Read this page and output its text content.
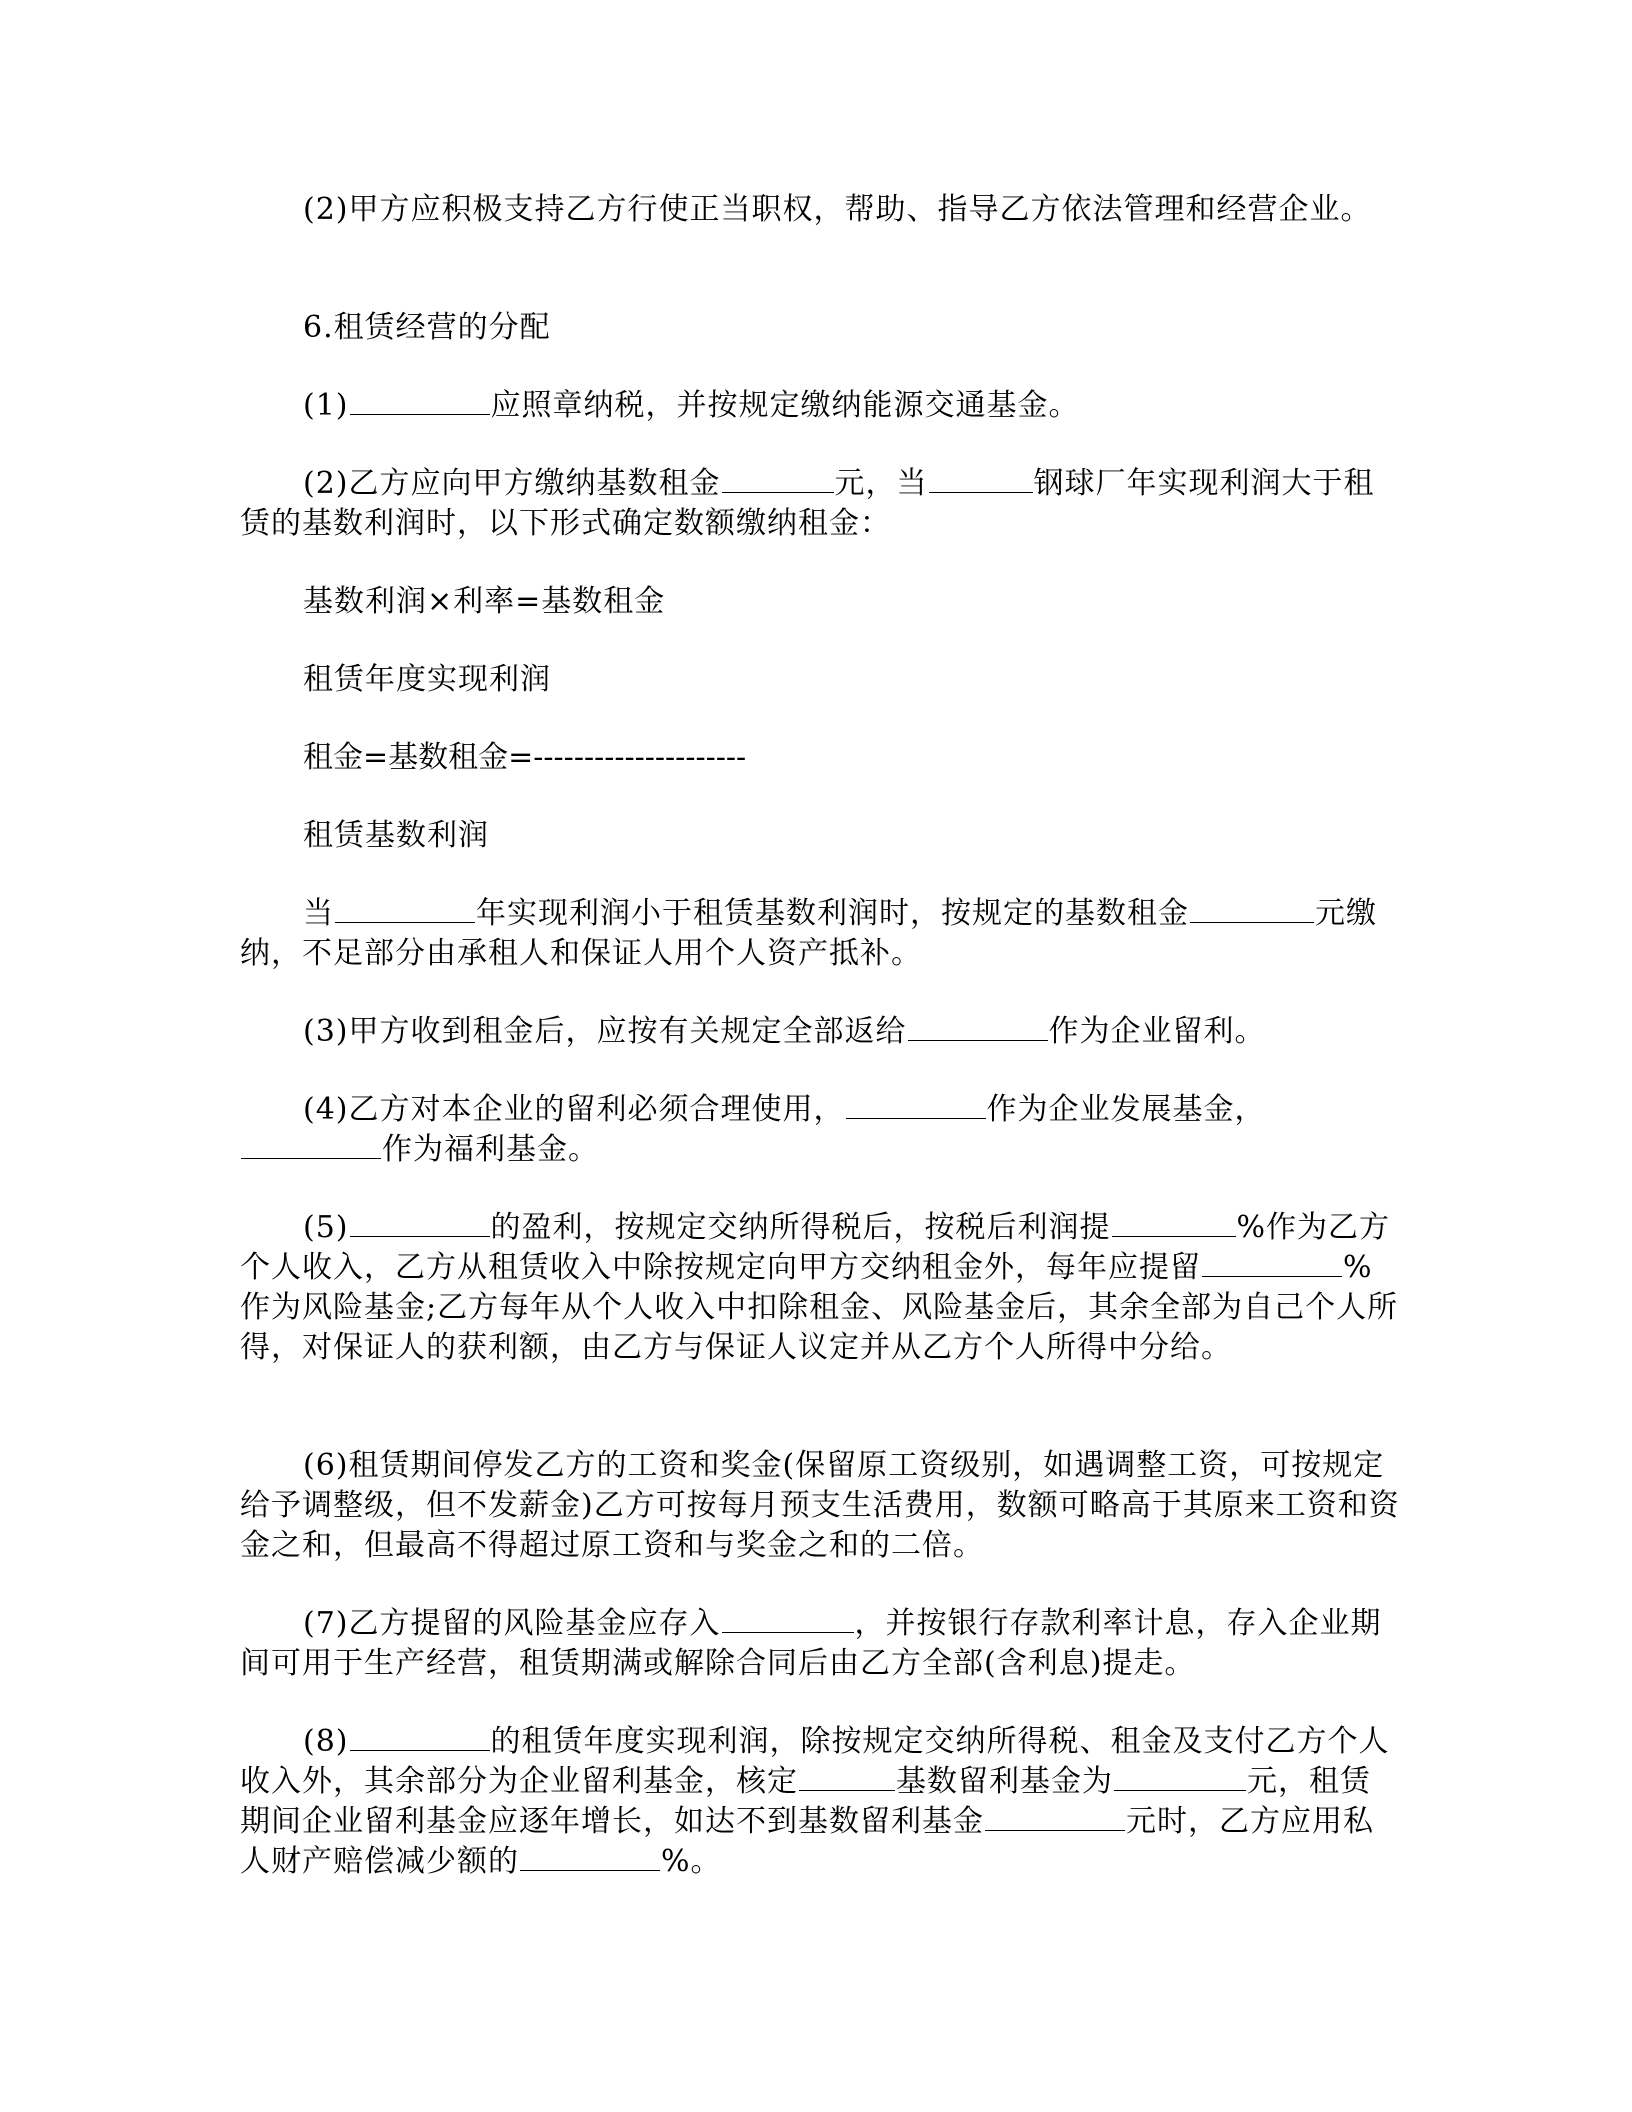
(2)甲方应积极支持乙方行使正当职权，帮助、指导乙方依法管理和经营企业。

6.租赁经营的分配

(1)	应照章纳税，并按规定缴纳能源交通基金。

(2)乙方应向甲方缴纳基数租金	元，当	钢球厂年实现利润大于租赁的基数利润时，以下形式确定数额缴纳租金：

基数利润×利率=基数租金

租赁年度实现利润

租金=基数租金=---------------------

租赁基数利润

当	年实现利润小于租赁基数利润时，按规定的基数租金	元缴纳，不足部分由承租人和保证人用个人资产抵补。

(3)甲方收到租金后，应按有关规定全部返给	作为企业留利。

(4)乙方对本企业的留利必须合理使用，	作为企业发展基金，作为福利基金。

(5)	的盈利，按规定交纳所得税后，按税后利润提	%作为乙方个人收入，乙方从租赁收入中除按规定向甲方交纳租金外，每年应提留	%作为风险基金;乙方每年从个人收入中扣除租金、风险基金后，其余全部为自己个人所得，对保证人的获利额，由乙方与保证人议定并从乙方个人所得中分给。

(6)租赁期间停发乙方的工资和奖金(保留原工资级别，如遇调整工资，可按规定给予调整级，但不发薪金)乙方可按每月预支生活费用，数额可略高于其原来工资和资金之和，但最高不得超过原工资和与奖金之和的二倍。

(7)乙方提留的风险基金应存入	，并按银行存款利率计息，存入企业期间可用于生产经营，租赁期满或解除合同后由乙方全部(含利息)提走。

(8)	的租赁年度实现利润，除按规定交纳所得税、租金及支付乙方个人收入外，其余部分为企业留利基金，核定	基数留利基金为	元，租赁期间企业留利基金应逐年增长，如达不到基数留利基金	元时，乙方应用私人财产赔偿减少额的	%。
